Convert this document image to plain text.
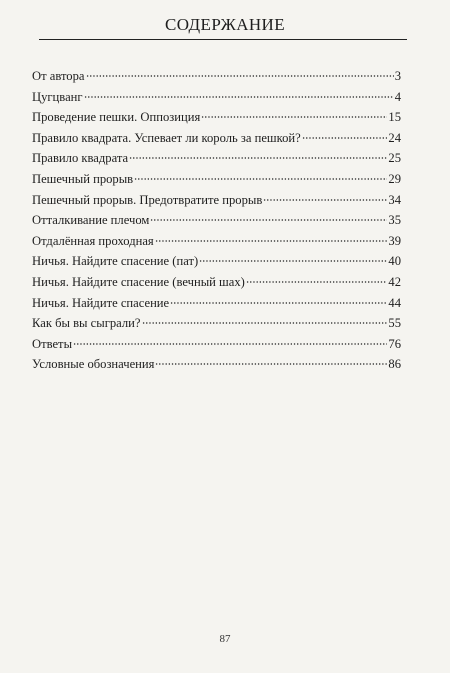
СОДЕРЖАНИЕ
От автора	3
Цугцванг	4
Проведение пешки. Оппозиция	15
Правило квадрата. Успевает ли король за пешкой?	24
Правило квадрата	25
Пешечный прорыв	29
Пешечный прорыв. Предотвратите прорыв	34
Отталкивание плечом	35
Отдалённая проходная	39
Ничья. Найдите спасение (пат)	40
Ничья. Найдите спасение (вечный шах)	42
Ничья. Найдите спасение	44
Как бы вы сыграли?	55
Ответы	76
Условные обозначения	86
87
